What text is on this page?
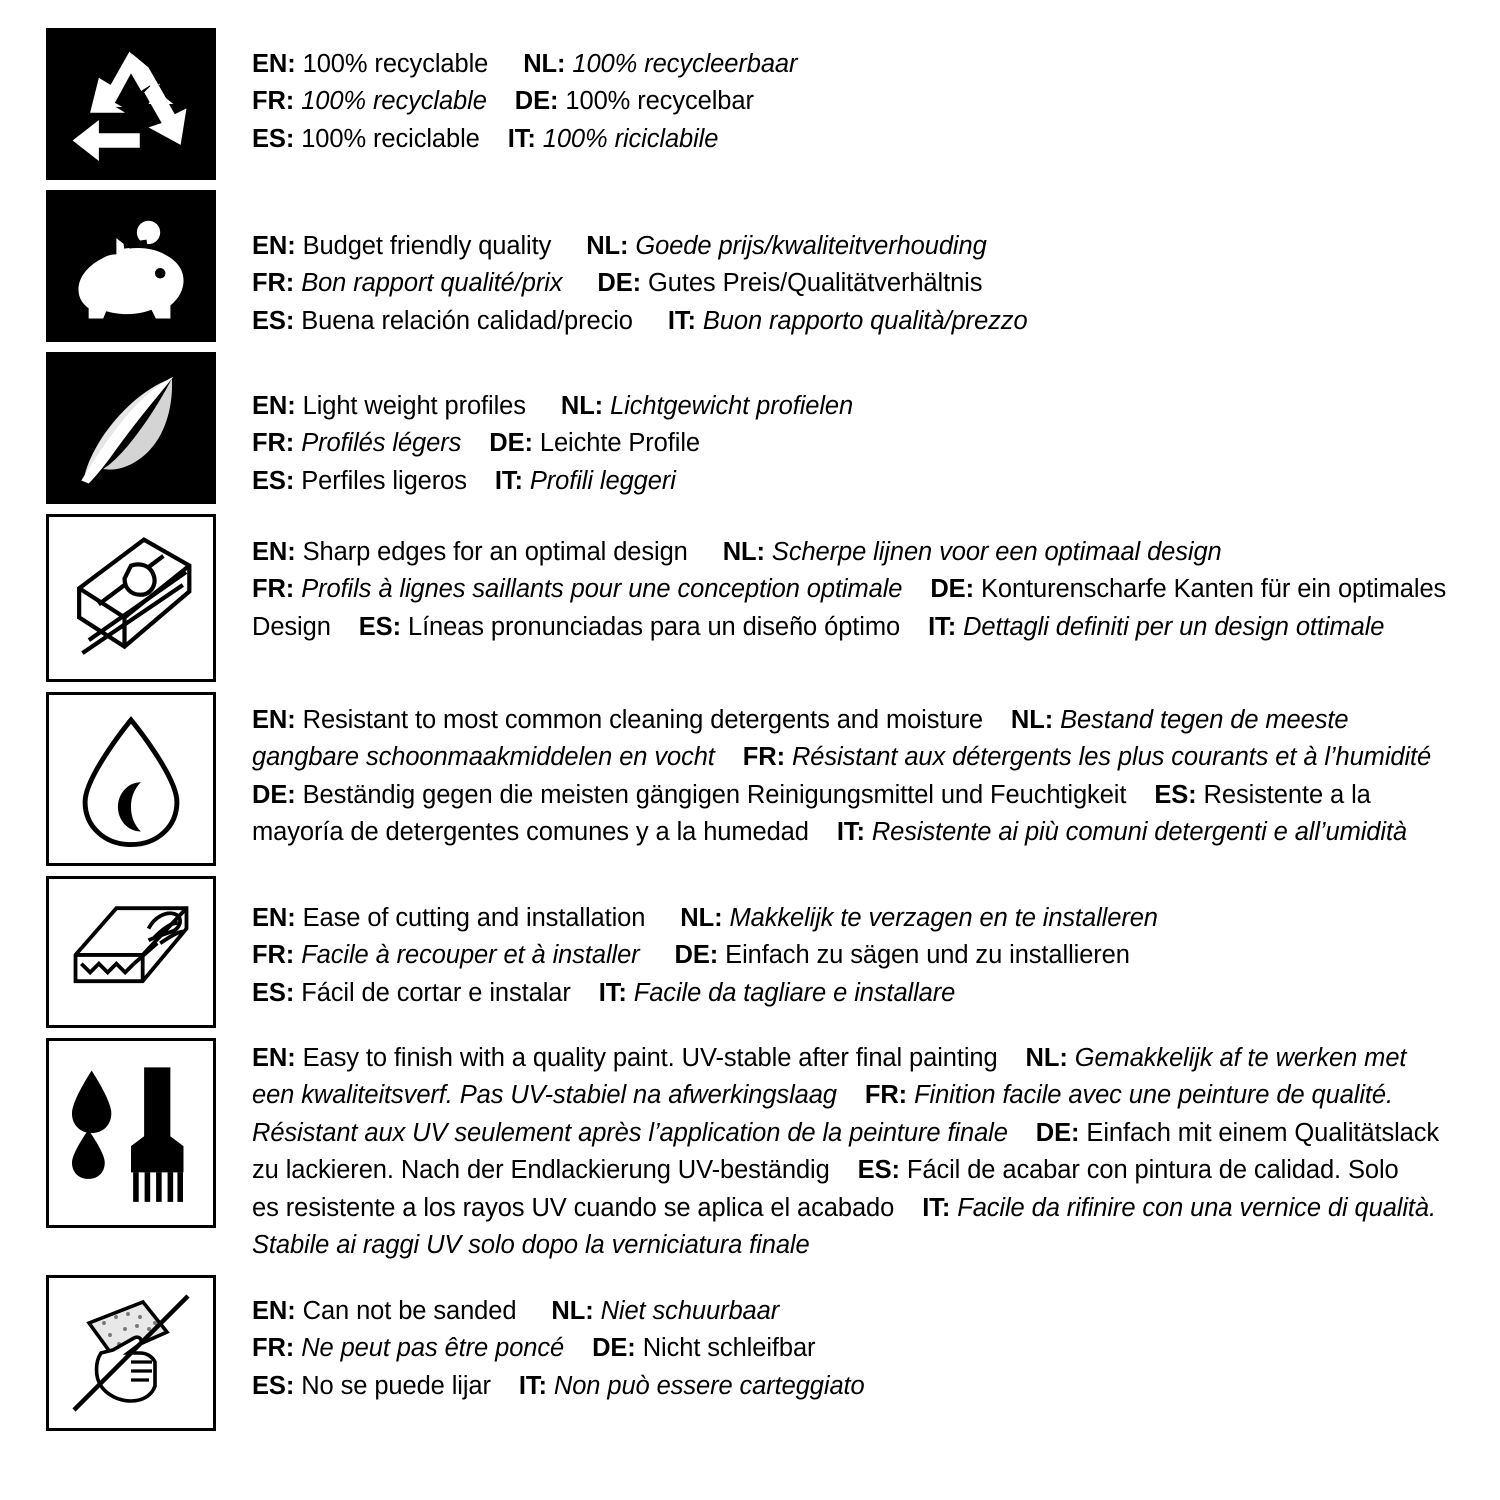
EN: 100% recyclable NL: 100% recycleerbaar

FR: 100% recyclable DE: 100% recycelbar

ES: 100% reciclable IT: 100% riciclabile

EN: Budget friendly quality NL: Goede prijs/kwaliteitverhouding

FR: Bon rapport qualité/prix DE: Gutes Preis/Qualitätverhältnis

ES: Buena relación calidad/precio IT: Buon rapporto qualità/prezzo

EN: Light weight profiles NL: Lichtgewicht profielen

FR: Profilés légers DE: Leichte Profile

ES: Perfiles ligeros IT: Profili leggeri

EN: Sharp edges for an optimal design NL: Scherpe lijnen voor een optimaal design

FR: Profils à lignes saillants pour une conception optimale DE: Konturenscharfe Kanten für ein optimales

Design ES: Líneas pronunciadas para un diseño óptimo IT: Dettagli definiti per un design ottimale

EN: Resistant to most common cleaning detergents and moisture NL: Bestand tegen de meeste

gangbare schoonmaakmiddelen en vocht FR: Résistant aux détergents les plus courants et à l’humidité

DE: Beständig gegen die meisten gängigen Reinigungsmittel und Feuchtigkeit ES: Resistente a la

mayoría de detergentes comunes y a la humedad IT: Resistente ai più comuni detergenti e all’umidità

EN: Ease of cutting and installation NL: Makkelijk te verzagen en te installeren

FR: Facile à recouper et à installer DE: Einfach zu sägen und zu installieren

ES: Fácil de cortar e instalar IT: Facile da tagliare e installare

EN: Easy to finish with a quality paint. UV-stable after final painting NL: Gemakkelijk af te werken met

een kwaliteitsverf. Pas UV-stabiel na afwerkingslaag FR: Finition facile avec une peinture de qualité.

Résistant aux UV seulement après l’application de la peinture finale DE: Einfach mit einem Qualitätslack

zu lackieren. Nach der Endlackierung UV-beständig ES: Fácil de acabar con pintura de calidad. Solo

es resistente a los rayos UV cuando se aplica el acabado IT: Facile da rifinire con una vernice di qualità.

Stabile ai raggi UV solo dopo la verniciatura finale

EN: Can not be sanded NL: Niet schuurbaar

FR: Ne peut pas être poncé DE: Nicht schleifbar

ES: No se puede lijar IT: Non può essere carteggiato
